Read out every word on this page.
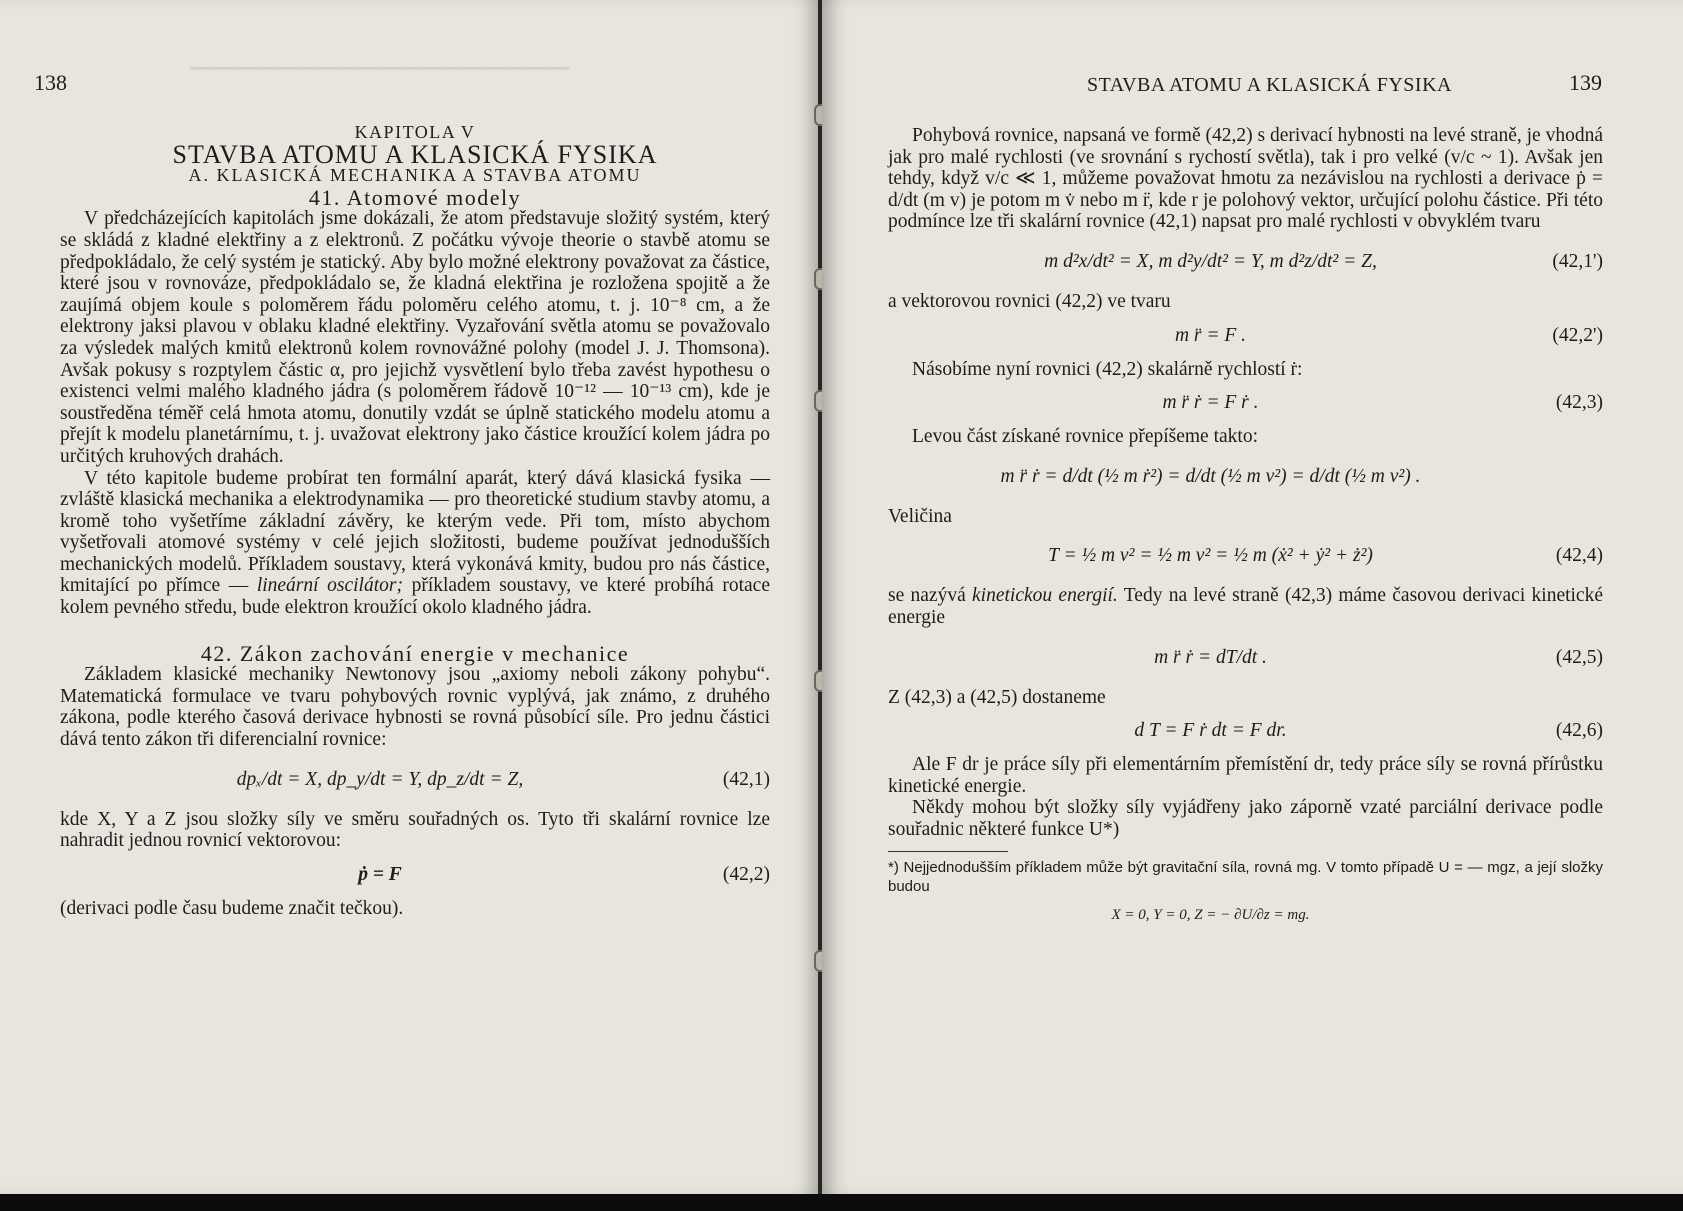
▔▔▔▔▔▔▔▔▔▔▔▔▔▔▔▔▔▔▔▔▔▔▔▔▔▔▔▔▔
138

KAPITOLA V

STAVBA ATOMU A KLASICKÁ FYSIKA

A. KLASICKÁ MECHANIKA A STAVBA ATOMU

41. Atomové modely

V předcházejících kapitolách jsme dokázali, že atom představuje složitý systém, který se skládá z kladné elektřiny a z elektronů. Z počátku vývoje theorie o stavbě atomu se předpokládalo, že celý systém je statický. Aby bylo možné elektrony považovat za částice, které jsou v rovnováze, předpokládalo se, že kladná elektřina je rozložena spojitě a že zaujímá objem koule s poloměrem řádu poloměru celého atomu, t. j. 10⁻⁸ cm, a že elektrony jaksi plavou v oblaku kladné elektřiny. Vyzařování světla atomu se považovalo za výsledek malých kmitů elektronů kolem rovnovážné polohy (model J. J. Thomsona). Avšak pokusy s rozptylem částic α, pro jejichž vysvětlení bylo třeba zavést hypothesu o existenci velmi malého kladného jádra (s poloměrem řádově 10⁻¹² — 10⁻¹³ cm), kde je soustředěna téměř celá hmota atomu, donutily vzdát se úplně statického modelu atomu a přejít k modelu planetárnímu, t. j. uvažovat elektrony jako částice kroužící kolem jádra po určitých kruhových drahách.

V této kapitole budeme probírat ten formální aparát, který dává klasická fysika — zvláště klasická mechanika a elektrodynamika — pro theoretické studium stavby atomu, a kromě toho vyšetříme základní závěry, ke kterým vede. Při tom, místo abychom vyšetřovali atomové systémy v celé jejich složitosti, budeme používat jednodušších mechanických modelů. Příkladem soustavy, která vykonává kmity, budou pro nás částice, kmitající po přímce — lineární oscilátor; příkladem soustavy, ve které probíhá rotace kolem pevného středu, bude elektron kroužící okolo kladného jádra.

42. Zákon zachování energie v mechanice

Základem klasické mechaniky Newtonovy jsou „axiomy neboli zákony pohybu“. Matematická formulace ve tvaru pohybových rovnic vyplývá, jak známo, z druhého zákona, podle kterého časová derivace hybnosti se rovná působící síle. Pro jednu částici dává tento zákon tři diferencialní rovnice:

dpₓ/dt = X, dp_y/dt = Y, dp_z/dt = Z,	(42,1)

kde X, Y a Z jsou složky síly ve směru souřadných os. Tyto tři skalární rovnice lze nahradit jednou rovnicí vektorovou:

ṗ = F	(42,2)

(derivaci podle času budeme značit tečkou).

STAVBA ATOMU A KLASICKÁ FYSIKA	139

Pohybová rovnice, napsaná ve formě (42,2) s derivací hybnosti na levé straně, je vhodná jak pro malé rychlosti (ve srovnání s rychostí světla), tak i pro velké (v/c ~ 1). Avšak jen tehdy, když v/c ≪ 1, můžeme považovat hmotu za nezávislou na rychlosti a derivace ṗ = d/dt (m v) je potom m v̇ nebo m r̈, kde r je polohový vektor, určující polohu částice. Při této podmínce lze tři skalární rovnice (42,1) napsat pro malé rychlosti v obvyklém tvaru

m d²x/dt² = X, m d²y/dt² = Y, m d²z/dt² = Z,	(42,1')

a vektorovou rovnici (42,2) ve tvaru

m r̈ = F .	(42,2')

Násobíme nyní rovnici (42,2) skalárně rychlostí ṙ:

m r̈ ṙ = F ṙ .	(42,3)

Levou část získané rovnice přepíšeme takto:

m r̈ ṙ = d/dt (½ m ṙ²) = d/dt (½ m v²) = d/dt (½ m v²) .

Veličina

T = ½ m v² = ½ m v² = ½ m (ẋ² + ẏ² + ż²)	(42,4)

se nazývá kinetickou energií. Tedy na levé straně (42,3) máme časovou derivaci kinetické energie

m r̈ ṙ = dT/dt .	(42,5)

Z (42,3) a (42,5) dostaneme

d T = F ṙ dt = F dr.	(42,6)

Ale F dr je práce síly při elementárním přemístění dr, tedy práce síly se rovná přírůstku kinetické energie.

Někdy mohou být složky síly vyjádřeny jako záporně vzaté parciální derivace podle souřadnic některé funkce U*)

*) Nejjednodušším příkladem může být gravitační síla, rovná mg. V tomto případě U = — mgz, a její složky budou

X = 0, Y = 0, Z = − ∂U/∂z = mg.
